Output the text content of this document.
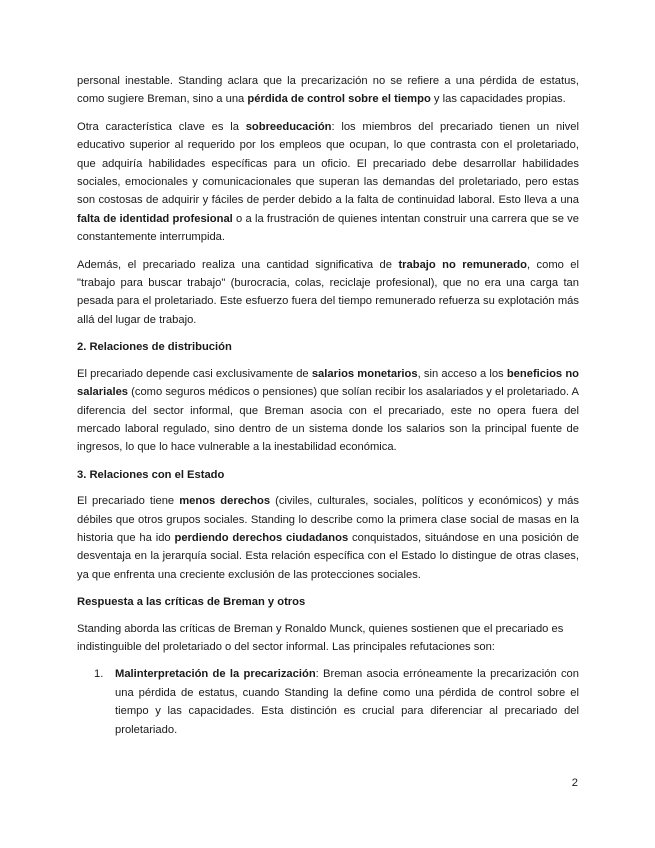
personal inestable. Standing aclara que la precarización no se refiere a una pérdida de estatus, como sugiere Breman, sino a una pérdida de control sobre el tiempo y las capacidades propias.

Otra característica clave es la sobreeducación: los miembros del precariado tienen un nivel educativo superior al requerido por los empleos que ocupan, lo que contrasta con el proletariado, que adquiría habilidades específicas para un oficio. El precariado debe desarrollar habilidades sociales, emocionales y comunicacionales que superan las demandas del proletariado, pero estas son costosas de adquirir y fáciles de perder debido a la falta de continuidad laboral. Esto lleva a una falta de identidad profesional o a la frustración de quienes intentan construir una carrera que se ve constantemente interrumpida.

Además, el precariado realiza una cantidad significativa de trabajo no remunerado, como el "trabajo para buscar trabajo" (burocracia, colas, reciclaje profesional), que no era una carga tan pesada para el proletariado. Este esfuerzo fuera del tiempo remunerado refuerza su explotación más allá del lugar de trabajo.

2. Relaciones de distribución

El precariado depende casi exclusivamente de salarios monetarios, sin acceso a los beneficios no salariales (como seguros médicos o pensiones) que solían recibir los asalariados y el proletariado. A diferencia del sector informal, que Breman asocia con el precariado, este no opera fuera del mercado laboral regulado, sino dentro de un sistema donde los salarios son la principal fuente de ingresos, lo que lo hace vulnerable a la inestabilidad económica.

3. Relaciones con el Estado

El precariado tiene menos derechos (civiles, culturales, sociales, políticos y económicos) y más débiles que otros grupos sociales. Standing lo describe como la primera clase social de masas en la historia que ha ido perdiendo derechos ciudadanos conquistados, situándose en una posición de desventaja en la jerarquía social. Esta relación específica con el Estado lo distingue de otras clases, ya que enfrenta una creciente exclusión de las protecciones sociales.

Respuesta a las críticas de Breman y otros

Standing aborda las críticas de Breman y Ronaldo Munck, quienes sostienen que el precariado es indistinguible del proletariado o del sector informal. Las principales refutaciones son:

1. Malinterpretación de la precarización: Breman asocia erróneamente la precarización con una pérdida de estatus, cuando Standing la define como una pérdida de control sobre el tiempo y las capacidades. Esta distinción es crucial para diferenciar al precariado del proletariado.
2
